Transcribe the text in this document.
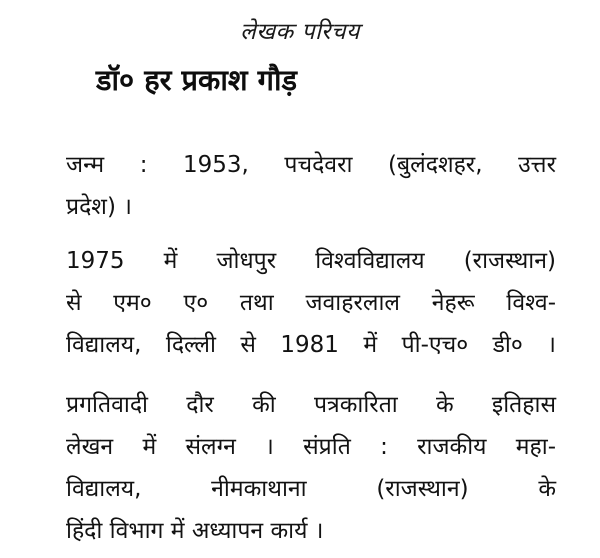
लेखक परिचय
डॉ० हर प्रकाश गौड़
जन्म : 1953, पचदेवरा (बुलंदशहर, उत्तर
प्रदेश) ।
1975 में जोधपुर विश्वविद्यालय (राजस्थान)
से एम० ए० तथा जवाहरलाल नेहरू विश्व-
विद्यालय, दिल्ली से 1981 में पी-एच० डी० ।
प्रगतिवादी दौर की पत्रकारिता के इतिहास
लेखन में संलग्न । संप्रति : राजकीय महा-
विद्यालय, नीमकाथाना (राजस्थान) के
हिंदी विभाग में अध्यापन कार्य ।
